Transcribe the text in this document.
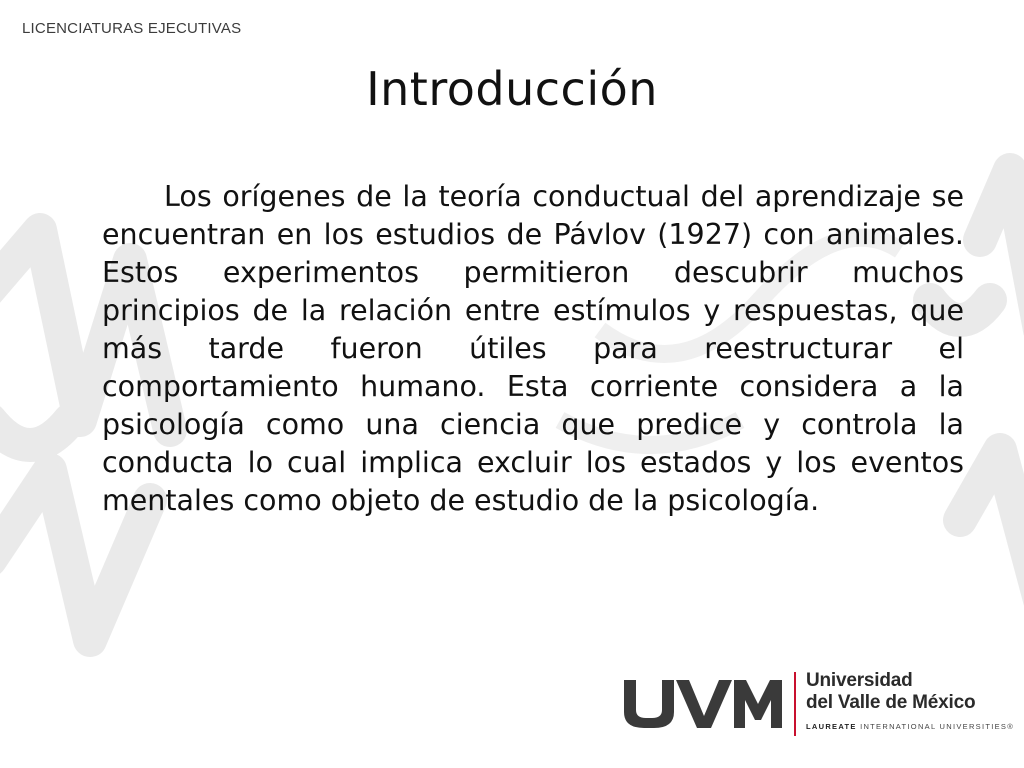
LICENCIATURAS EJECUTIVAS
Introducción

Los orígenes de la teoría conductual del aprendizaje se encuentran en los estudios de Pávlov (1927) con animales. Estos experimentos permitieron descubrir muchos principios de la relación entre estímulos y respuestas, que más tarde fueron útiles para reestructurar el comportamiento humano. Esta corriente considera a la psicología como una ciencia que predice y controla la conducta lo cual implica excluir los estados y los eventos mentales como objeto de estudio de la psicología.

Universidad
del Valle de México
LAUREATE INTERNATIONAL UNIVERSITIES®
